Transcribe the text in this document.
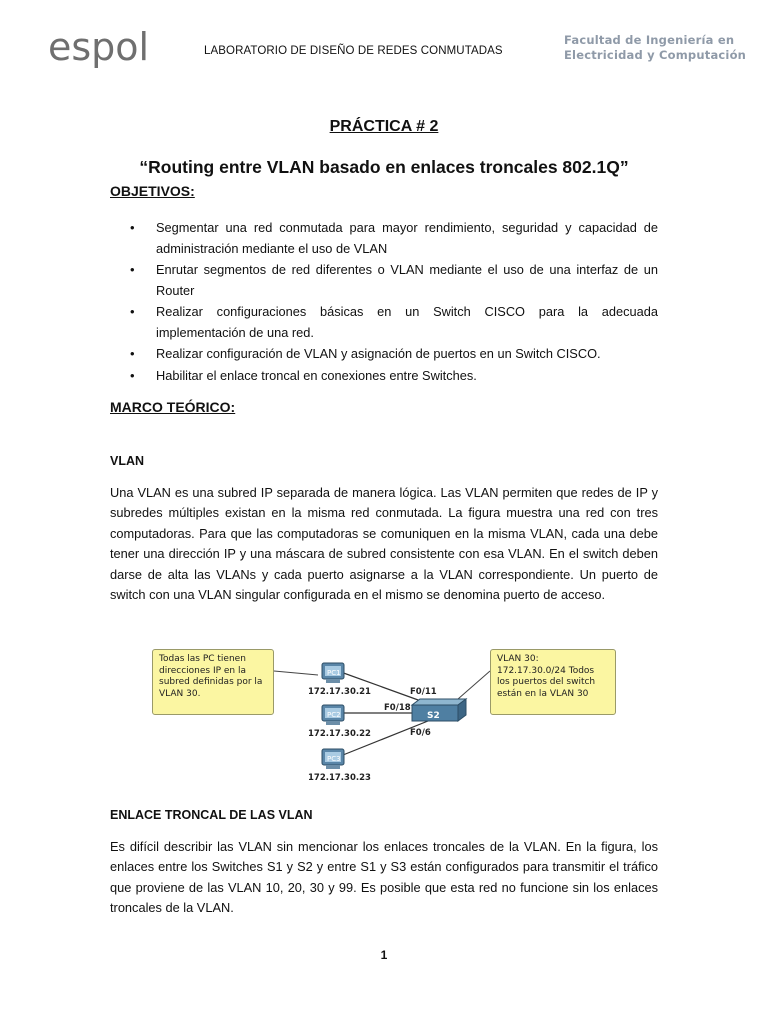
espol	LABORATORIO DE DISEÑO DE REDES CONMUTADAS
Facultad de Ingeniería en
Electricidad y Computación
PRÁCTICA # 2
“Routing entre VLAN basado en enlaces troncales 802.1Q”
OBJETIVOS:
• Segmentar una red conmutada para mayor rendimiento, seguridad y capacidad de administración mediante el uso de VLAN
• Enrutar segmentos de red diferentes o VLAN mediante el uso de una interfaz de un Router
• Realizar configuraciones básicas en un Switch CISCO para la adecuada implementación de una red.
• Realizar configuración de VLAN y asignación de puertos en un Switch CISCO.
• Habilitar el enlace troncal en conexiones entre Switches.
MARCO TEÓRICO:
VLAN
Una VLAN es una subred IP separada de manera lógica. Las VLAN permiten que redes de IP y subredes múltiples existan en la misma red conmutada. La figura muestra una red con tres computadoras. Para que las computadoras se comuniquen en la misma VLAN, cada una debe tener una dirección IP y una máscara de subred consistente con esa VLAN. En el switch deben darse de alta las VLANs y cada puerto asignarse a la VLAN correspondiente. Un puerto de switch con una VLAN singular configurada en el mismo se denomina puerto de acceso.
PC1
PC2
PC3
S2
Todas las PC tienen direcciones IP en la subred definidas por la VLAN 30.
VLAN 30: 172.17.30.0/24 Todos los puertos del switch están en la VLAN 30
172.17.30.21
172.17.30.22
172.17.30.23
F0/11
F0/18
F0/6
ENLACE TRONCAL DE LAS VLAN
Es difícil describir las VLAN sin mencionar los enlaces troncales de la VLAN. En la figura, los enlaces entre los Switches S1 y S2 y entre S1 y S3 están configurados para transmitir el tráfico que proviene de las VLAN 10, 20, 30 y 99. Es posible que esta red no funcione sin los enlaces troncales de la VLAN.
1
